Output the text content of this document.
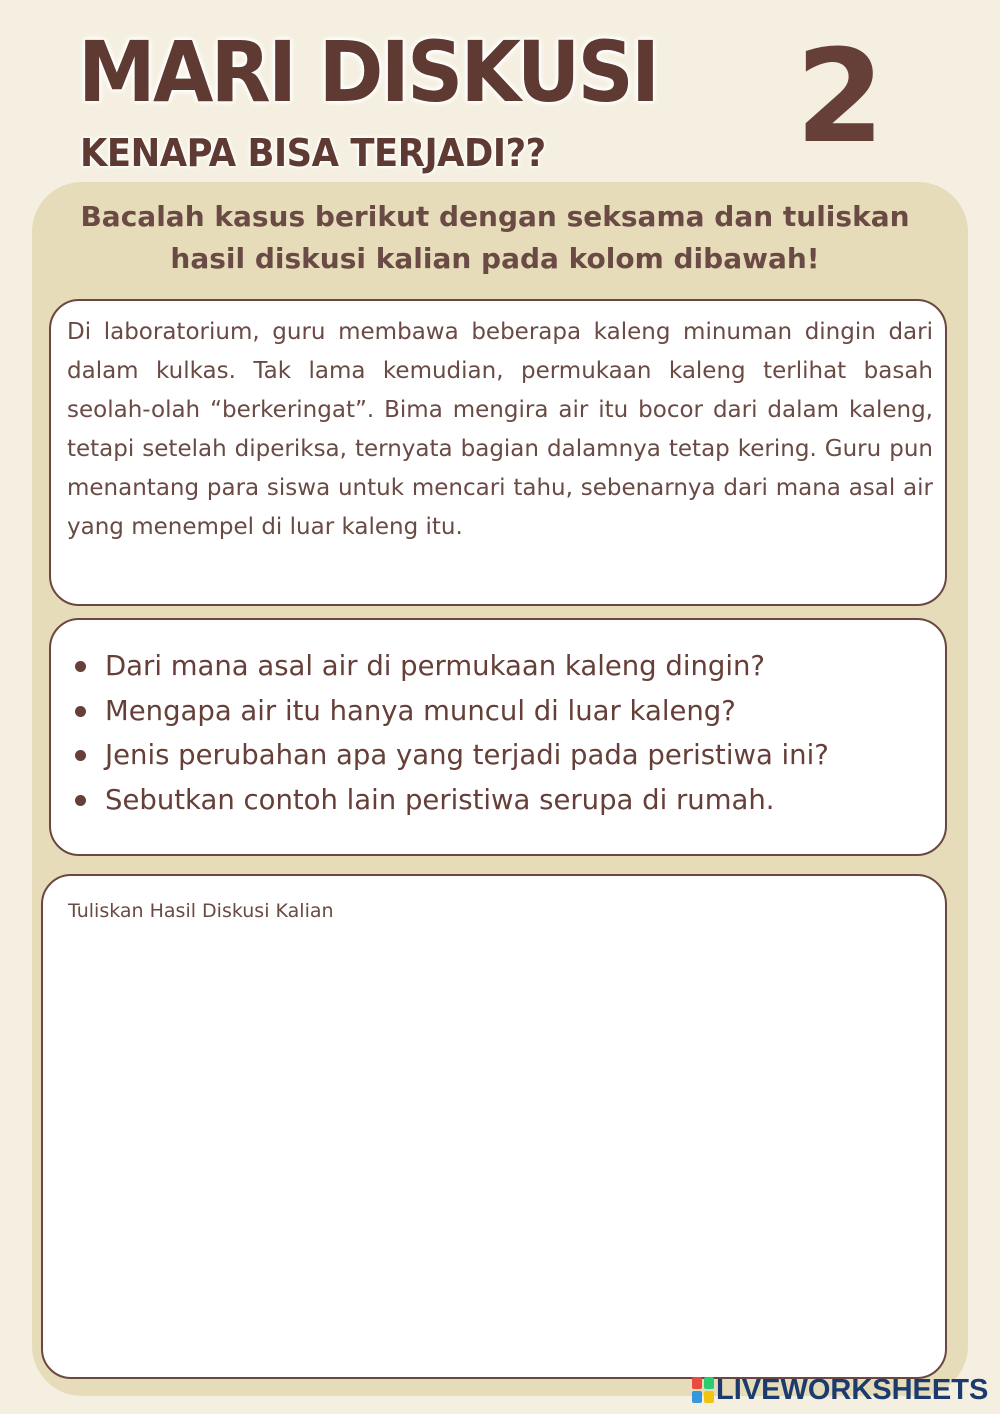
MARI DISKUSI
KENAPA BISA TERJADI?? 2

Bacalah kasus berikut dengan seksama dan tuliskan hasil diskusi kalian pada kolom dibawah!

Di laboratorium, guru membawa beberapa kaleng minuman dingin dari dalam kulkas. Tak lama kemudian, permukaan kaleng terlihat basah seolah-olah “berkeringat”. Bima mengira air itu bocor dari dalam kaleng, tetapi setelah diperiksa, ternyata bagian dalamnya tetap kering. Guru pun menantang para siswa untuk mencari tahu, sebenarnya dari mana asal air yang menempel di luar kaleng itu.

Dari mana asal air di permukaan kaleng dingin?
Mengapa air itu hanya muncul di luar kaleng?
Jenis perubahan apa yang terjadi pada peristiwa ini?
Sebutkan contoh lain peristiwa serupa di rumah.
Tuliskan Hasil Diskusi Kalian
LIVEWORKSHEETS
